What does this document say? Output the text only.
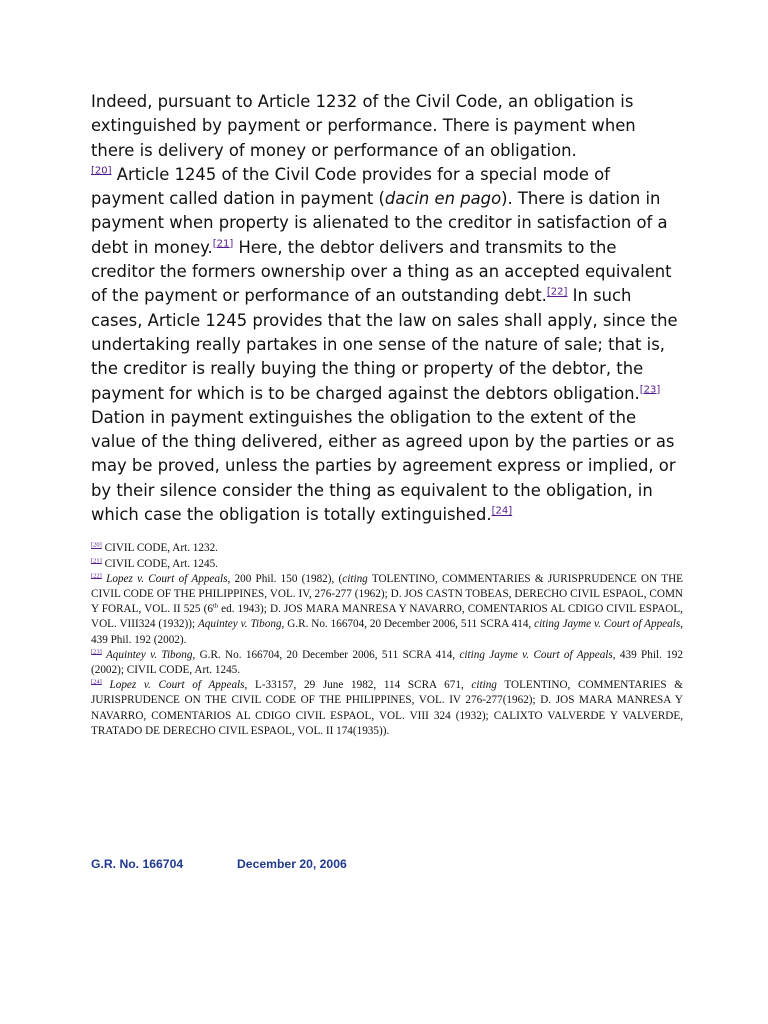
Indeed, pursuant to Article 1232 of the Civil Code, an obligation is extinguished by payment or performance. There is payment when there is delivery of money or performance of an obligation.
[20] Article 1245 of the Civil Code provides for a special mode of payment called dation in payment (dacin en pago). There is dation in payment when property is alienated to the creditor in satisfaction of a debt in money.[21] Here, the debtor delivers and transmits to the creditor the formers ownership over a thing as an accepted equivalent of the payment or performance of an outstanding debt.[22] In such cases, Article 1245 provides that the law on sales shall apply, since the undertaking really partakes in one sense of the nature of sale; that is, the creditor is really buying the thing or property of the debtor, the payment for which is to be charged against the debtors obligation.[23] Dation in payment extinguishes the obligation to the extent of the value of the thing delivered, either as agreed upon by the parties or as may be proved, unless the parties by agreement express or implied, or by their silence consider the thing as equivalent to the obligation, in which case the obligation is totally extinguished.[24]

[20] CIVIL CODE, Art. 1232.

[21] CIVIL CODE, Art. 1245.

[22] Lopez v. Court of Appeals, 200 Phil. 150 (1982), (citing TOLENTINO, COMMENTARIES & JURISPRUDENCE ON THE CIVIL CODE OF THE PHILIPPINES, VOL. IV, 276-277 (1962); D. JOS CASTN TOBEAS, DERECHO CIVIL ESPAOL, COMN Y FORAL, VOL. II 525 (6th ed. 1943); D. JOS MARA MANRESA Y NAVARRO, COMENTARIOS AL CDIGO CIVIL ESPAOL, VOL. VIII324 (1932)); Aquintey v. Tibong, G.R. No. 166704, 20 December 2006, 511 SCRA 414, citing Jayme v. Court of Appeals, 439 Phil. 192 (2002).

[23] Aquintey v. Tibong, G.R. No. 166704, 20 December 2006, 511 SCRA 414, citing Jayme v. Court of Appeals, 439 Phil. 192 (2002); CIVIL CODE, Art. 1245.

[24] Lopez v. Court of Appeals, L-33157, 29 June 1982, 114 SCRA 671, citing TOLENTINO, COMMENTARIES & JURISPRUDENCE ON THE CIVIL CODE OF THE PHILIPPINES, VOL. IV 276-277(1962); D. JOS MARA MANRESA Y NAVARRO, COMENTARIOS AL CDIGO CIVIL ESPAOL, VOL. VIII 324 (1932); CALIXTO VALVERDE Y VALVERDE, TRATADO DE DERECHO CIVIL ESPAOL, VOL. II 174(1935)).

G.R. No. 166704	December 20, 2006
